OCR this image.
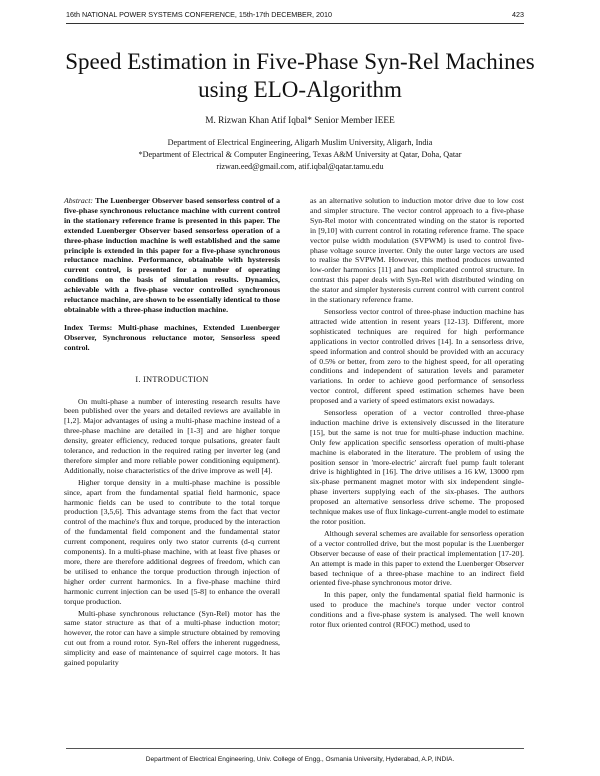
16th NATIONAL POWER SYSTEMS CONFERENCE, 15th-17th DECEMBER, 2010	423
Speed Estimation in Five-Phase Syn-Rel Machines
using ELO-Algorithm
M. Rizwan Khan Atif Iqbal* Senior Member IEEE
Department of Electrical Engineering, Aligarh Muslim University, Aligarh, India
*Department of Electrical & Computer Engineering, Texas A&M University at Qatar, Doha, Qatar
rizwan.eed@gmail.com, atif.iqbal@qatar.tamu.edu

Abstract: The Luenberger Observer based sensorless control of a five-phase synchronous reluctance machine with current control in the stationary reference frame is presented in this paper. The extended Luenberger Observer based sensorless operation of a three-phase induction machine is well established and the same principle is extended in this paper for a five-phase synchronous reluctance machine. Performance, obtainable with hysteresis current control, is presented for a number of operating conditions on the basis of simulation results. Dynamics, achievable with a five-phase vector controlled synchronous reluctance machine, are shown to be essentially identical to those obtainable with a three-phase induction machine.

Index Terms: Multi-phase machines, Extended Luenberger Observer, Synchronous reluctance motor, Sensorless speed control.

I. INTRODUCTION

On multi-phase a number of interesting research results have been published over the years and detailed reviews are available in [1,2]. Major advantages of using a multi-phase machine instead of a three-phase machine are detailed in [1-3] and are higher torque density, greater efficiency, reduced torque pulsations, greater fault tolerance, and reduction in the required rating per inverter leg (and therefore simpler and more reliable power conditioning equipment). Additionally, noise characteristics of the drive improve as well [4].

Higher torque density in a multi-phase machine is possible since, apart from the fundamental spatial field harmonic, space harmonic fields can be used to contribute to the total torque production [3,5,6]. This advantage stems from the fact that vector control of the machine's flux and torque, produced by the interaction of the fundamental field component and the fundamental stator current component, requires only two stator currents (d-q current components). In a multi-phase machine, with at least five phases or more, there are therefore additional degrees of freedom, which can be utilised to enhance the torque production through injection of higher order current harmonics. In a five-phase machine third harmonic current injection can be used [5-8] to enhance the overall torque production.

Multi-phase synchronous reluctance (Syn-Rel) motor has the same stator structure as that of a multi-phase induction motor; however, the rotor can have a simple structure obtained by removing cut out from a round rotor. Syn-Rel offers the inherent ruggedness, simplicity and ease of maintenance of squirrel cage motors. It has gained popularity

as an alternative solution to induction motor drive due to low cost and simpler structure. The vector control approach to a five-phase Syn-Rel motor with concentrated winding on the stator is reported in [9,10] with current control in rotating reference frame. The space vector pulse width modulation (SVPWM) is used to control five-phase voltage source inverter. Only the outer large vectors are used to realise the SVPWM. However, this method produces unwanted low-order harmonics [11] and has complicated control structure. In contrast this paper deals with Syn-Rel with distributed winding on the stator and simpler hysteresis current control with current control in the stationary reference frame.

Sensorless vector control of three-phase induction machine has attracted wide attention in resent years [12-13]. Different, more sophisticated techniques are required for high performance applications in vector controlled drives [14]. In a sensorless drive, speed information and control should be provided with an accuracy of 0.5% or better, from zero to the highest speed, for all operating conditions and independent of saturation levels and parameter variations. In order to achieve good performance of sensorless vector control, different speed estimation schemes have been proposed and a variety of speed estimators exist nowadays.

Sensorless operation of a vector controlled three-phase induction machine drive is extensively discussed in the literature [15], but the same is not true for multi-phase induction machine. Only few application specific sensorless operation of multi-phase machine is elaborated in the literature. The problem of using the position sensor in 'more-electric' aircraft fuel pump fault tolerant drive is highlighted in [16]. The drive utilises a 16 kW, 13000 rpm six-phase permanent magnet motor with six independent single-phase inverters supplying each of the six-phases. The authors proposed an alternative sensorless drive scheme. The proposed technique makes use of flux linkage-current-angle model to estimate the rotor position.

Although several schemes are available for sensorless operation of a vector controlled drive, but the most popular is the Luenberger Observer because of ease of their practical implementation [17-20]. An attempt is made in this paper to extend the Luenberger Observer based technique of a three-phase machine to an indirect field oriented five-phase synchronous motor drive.

In this paper, only the fundamental spatial field harmonic is used to produce the machine's torque under vector control conditions and a five-phase system is analysed. The well known rotor flux oriented control (RFOC) method, used to

Department of Electrical Engineering, Univ. College of Engg., Osmania University, Hyderabad, A.P, INDIA.
